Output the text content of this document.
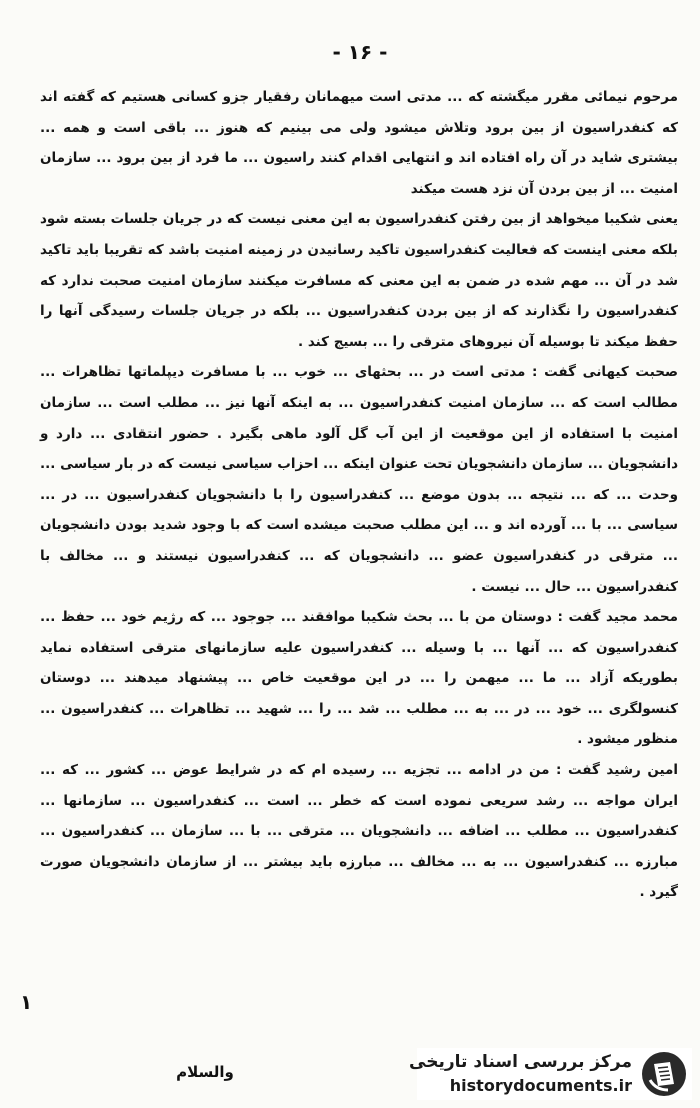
- ۱۶ -

مرحوم نیمائی مقرر میگشته که ... مدتی است میهمانان رفقیار جزو کسانی هستیم که گفته اند که کنفدراسیون از بین برود وتلاش میشود ولی می بینیم که هنوز ... باقی است و همه ... بیشتری شاید در آن راه افتاده اند و انتهایی اقدام کنند راسیون ... ما فرد از بین برود ... سازمان امنیت ... از بین بردن آن نزد هست میکند

یعنی شکیبا میخواهد از بین رفتن کنفدراسیون به این معنی نیست که در جریان جلسات بسته شود بلکه معنی اینست که فعالیت کنفدراسیون تاکید رسانیدن در زمینه امنیت باشد که تقریبا باید تاکید شد در آن ... مهم شده در ضمن به این معنی که مسافرت میکنند سازمان امنیت صحبت ندارد که کنفدراسیون را نگذارند که از بین بردن کنفدراسیون ... بلکه در جریان جلسات رسیدگی آنها را حفظ میکند تا بوسیله آن نیروهای مترقی را ... بسیج کند .

صحبت کیهانی گفت : مدتی است در ... بحثهای ... خوب ... با مسافرت دیپلماتها تظاهرات ... مطالب است که ... سازمان امنیت کنفدراسیون ... به اینکه آنها نیز ... مطلب است ... سازمان امنیت با استفاده از این موقعیت از این آب گل آلود ماهی بگیرد . حضور انتقادی ... دارد و دانشجویان ... سازمان دانشجویان تحت عنوان اینکه ... احزاب سیاسی نیست که در بار سیاسی ... وحدت ... که ... نتیجه ... بدون موضع ... کنفدراسیون را با دانشجویان کنفدراسیون ... در ... سیاسی ... با ... آورده اند و ... این مطلب صحبت میشده است که با وجود شدید بودن دانشجویان ... مترقی در کنفدراسیون عضو ... دانشجویان که ... کنفدراسیون نیستند و ... مخالف با کنفدراسیون ... حال ... نیست .

محمد مجید گفت : دوستان من با ... بحث شکیبا موافقند ... جوجود ... که رژیم خود ... حفظ ... کنفدراسیون که ... آنها ... با وسیله ... کنفدراسیون علیه سازمانهای مترقی استفاده نماید بطوریکه آزاد ... ما ... میهمن را ... در این موقعیت خاص ... پیشنهاد میدهند ... دوستان کنسولگری ... خود ... در ... به ... مطلب ... شد ... را ... شهید ... تظاهرات ... کنفدراسیون ... منظور میشود .

امین رشید گفت : من در ادامه ... تجزیه ... رسیده ام که در شرایط عوض ... کشور ... که ... ایران مواجه ... رشد سریعی نموده است که خطر ... است ... کنفدراسیون ... سازمانها ... کنفدراسیون ... مطلب ... اضافه ... دانشجویان ... مترقی ... با ... سازمان ... کنفدراسیون ... مبارزه ... کنفدراسیون ... به ... مخالف ... مبارزه باید بیشتر ... از سازمان دانشجویان صورت گیرد .

۱
والسلام	مرکز بررسی اسناد تاریخی
historydocuments.ir
